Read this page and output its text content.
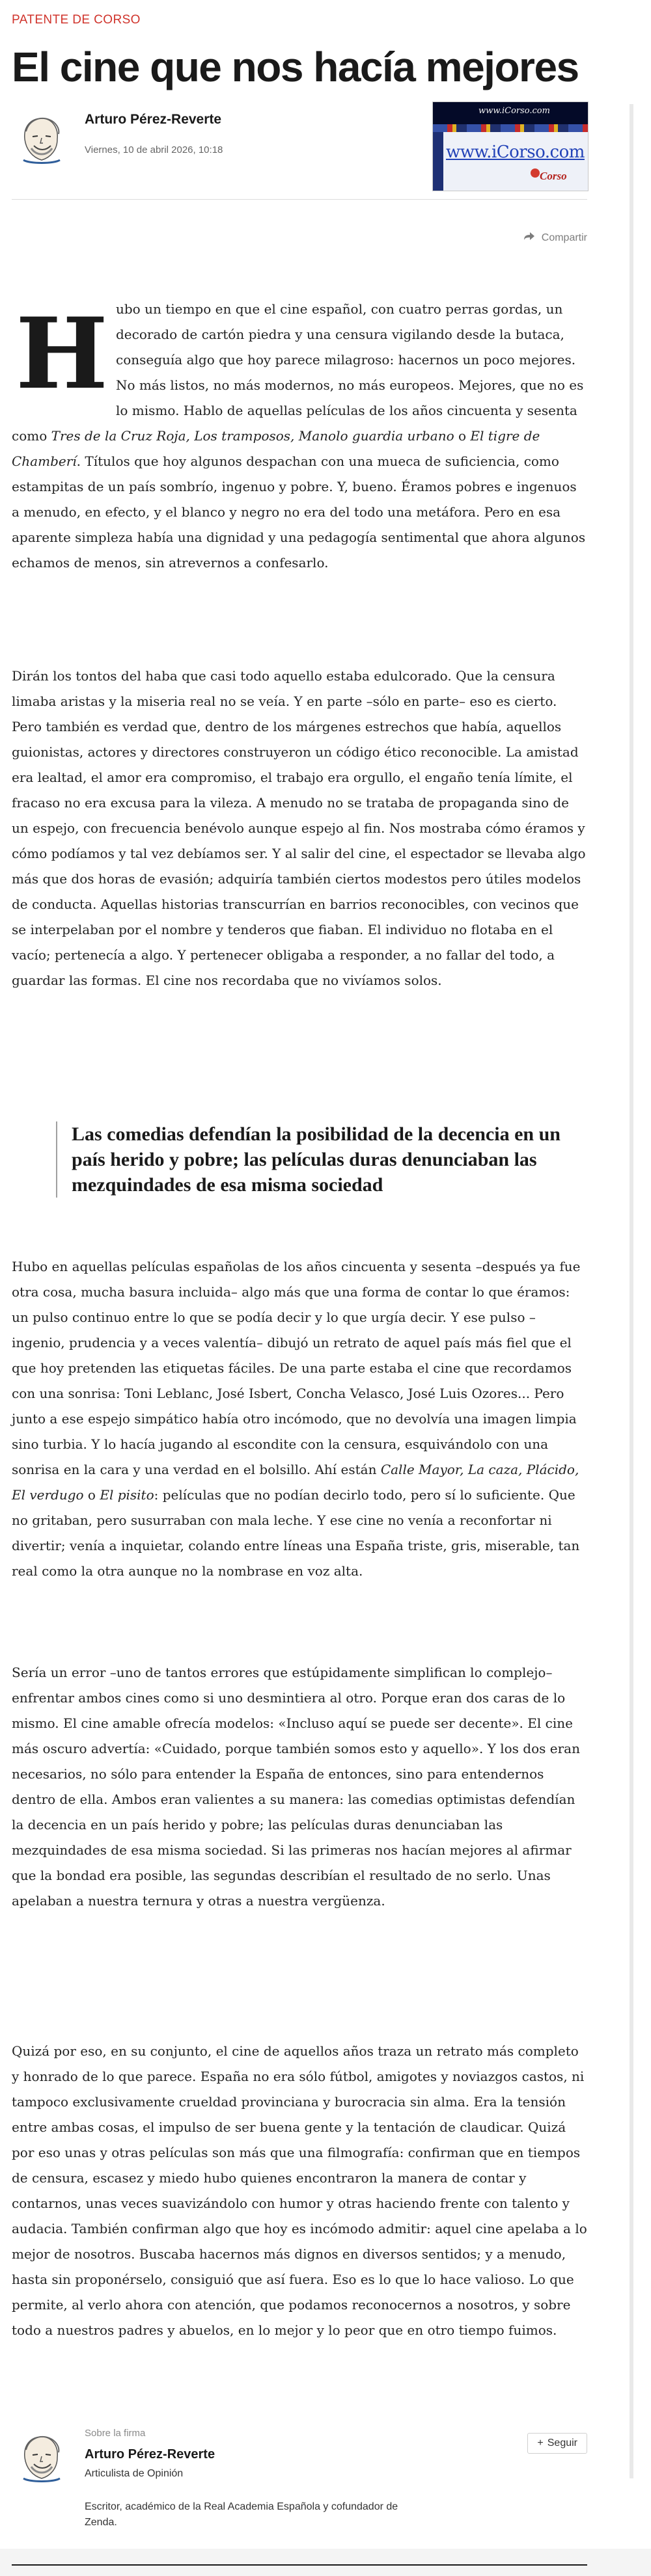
PATENTE DE CORSO
El cine que nos hacía mejores
Arturo Pérez-Reverte
Viernes, 10 de abril 2026, 10:18
www.iCorso.com
www.iCorso.com
Corso
Compartir
H ubo un tiempo en que el cine español, con cuatro perras gordas, un decorado de cartón piedra y una censura vigilando desde la butaca, conseguía algo que hoy parece milagroso: hacernos un poco mejores. No más listos, no más modernos, no más europeos. Mejores, que no es lo mismo. Hablo de aquellas películas de los años cincuenta y sesenta como Tres de la Cruz Roja, Los tramposos, Manolo guardia urbano o El tigre de Chamberí. Títulos que hoy algunos despachan con una mueca de suficiencia, como estampitas de un país sombrío, ingenuo y pobre. Y, bueno. Éramos pobres e ingenuos a menudo, en efecto, y el blanco y negro no era del todo una metáfora. Pero en esa aparente simpleza había una dignidad y una pedagogía sentimental que ahora algunos echamos de menos, sin atrevernos a confesarlo.

Dirán los tontos del haba que casi todo aquello estaba edulcorado. Que la censura limaba aristas y la miseria real no se veía. Y en parte –sólo en parte– eso es cierto. Pero también es verdad que, dentro de los márgenes estrechos que había, aquellos guionistas, actores y directores construyeron un código ético reconocible. La amistad era lealtad, el amor era compromiso, el trabajo era orgullo, el engaño tenía límite, el fracaso no era excusa para la vileza. A menudo no se trataba de propaganda sino de un espejo, con frecuencia benévolo aunque espejo al fin. Nos mostraba cómo éramos y cómo podíamos y tal vez debíamos ser. Y al salir del cine, el espectador se llevaba algo más que dos horas de evasión; adquiría también ciertos modestos pero útiles modelos de conducta. Aquellas historias transcurrían en barrios reconocibles, con vecinos que se interpelaban por el nombre y tenderos que fiaban. El individuo no flotaba en el vacío; pertenecía a algo. Y pertenecer obligaba a responder, a no fallar del todo, a guardar las formas. El cine nos recordaba que no vivíamos solos.

Las comedias defendían la posibilidad de la decencia en un país herido y pobre; las películas duras denunciaban las mezquindades de esa misma sociedad

Hubo en aquellas películas españolas de los años cincuenta y sesenta –después ya fue otra cosa, mucha basura incluida– algo más que una forma de contar lo que éramos: un pulso continuo entre lo que se podía decir y lo que urgía decir. Y ese pulso –ingenio, prudencia y a veces valentía– dibujó un retrato de aquel país más fiel que el que hoy pretenden las etiquetas fáciles. De una parte estaba el cine que recordamos con una sonrisa: Toni Leblanc, José Isbert, Concha Velasco, José Luis Ozores... Pero junto a ese espejo simpático había otro incómodo, que no devolvía una imagen limpia sino turbia. Y lo hacía jugando al escondite con la censura, esquivándolo con una sonrisa en la cara y una verdad en el bolsillo. Ahí están Calle Mayor, La caza, Plácido, El verdugo o El pisito: películas que no podían decirlo todo, pero sí lo suficiente. Que no gritaban, pero susurraban con mala leche. Y ese cine no venía a reconfortar ni divertir; venía a inquietar, colando entre líneas una España triste, gris, miserable, tan real como la otra aunque no la nombrase en voz alta.

Sería un error –uno de tantos errores que estúpidamente simplifican lo complejo– enfrentar ambos cines como si uno desmintiera al otro. Porque eran dos caras de lo mismo. El cine amable ofrecía modelos: «Incluso aquí se puede ser decente». El cine más oscuro advertía: «Cuidado, porque también somos esto y aquello». Y los dos eran necesarios, no sólo para entender la España de entonces, sino para entendernos dentro de ella. Ambos eran valientes a su manera: las comedias optimistas defendían la decencia en un país herido y pobre; las películas duras denunciaban las mezquindades de esa misma sociedad. Si las primeras nos hacían mejores al afirmar que la bondad era posible, las segundas describían el resultado de no serlo. Unas apelaban a nuestra ternura y otras a nuestra vergüenza.

Quizá por eso, en su conjunto, el cine de aquellos años traza un retrato más completo y honrado de lo que parece. España no era sólo fútbol, amigotes y noviazgos castos, ni tampoco exclusivamente crueldad provinciana y burocracia sin alma. Era la tensión entre ambas cosas, el impulso de ser buena gente y la tentación de claudicar. Quizá por eso unas y otras películas son más que una filmografía: confirman que en tiempos de censura, escasez y miedo hubo quienes encontraron la manera de contar y contarnos, unas veces suavizándolo con humor y otras haciendo frente con talento y audacia. También confirman algo que hoy es incómodo admitir: aquel cine apelaba a lo mejor de nosotros. Buscaba hacernos más dignos en diversos sentidos; y a menudo, hasta sin proponérselo, consiguió que así fuera. Eso es lo que lo hace valioso. Lo que permite, al verlo ahora con atención, que podamos reconocernos a nosotros, y sobre todo a nuestros padres y abuelos, en lo mejor y lo peor que en otro tiempo fuimos.

Sobre la firma
Arturo Pérez-Reverte
Articulista de Opinión
Escritor, académico de la Real Academia Española y cofundador de Zenda.
+ Seguir
